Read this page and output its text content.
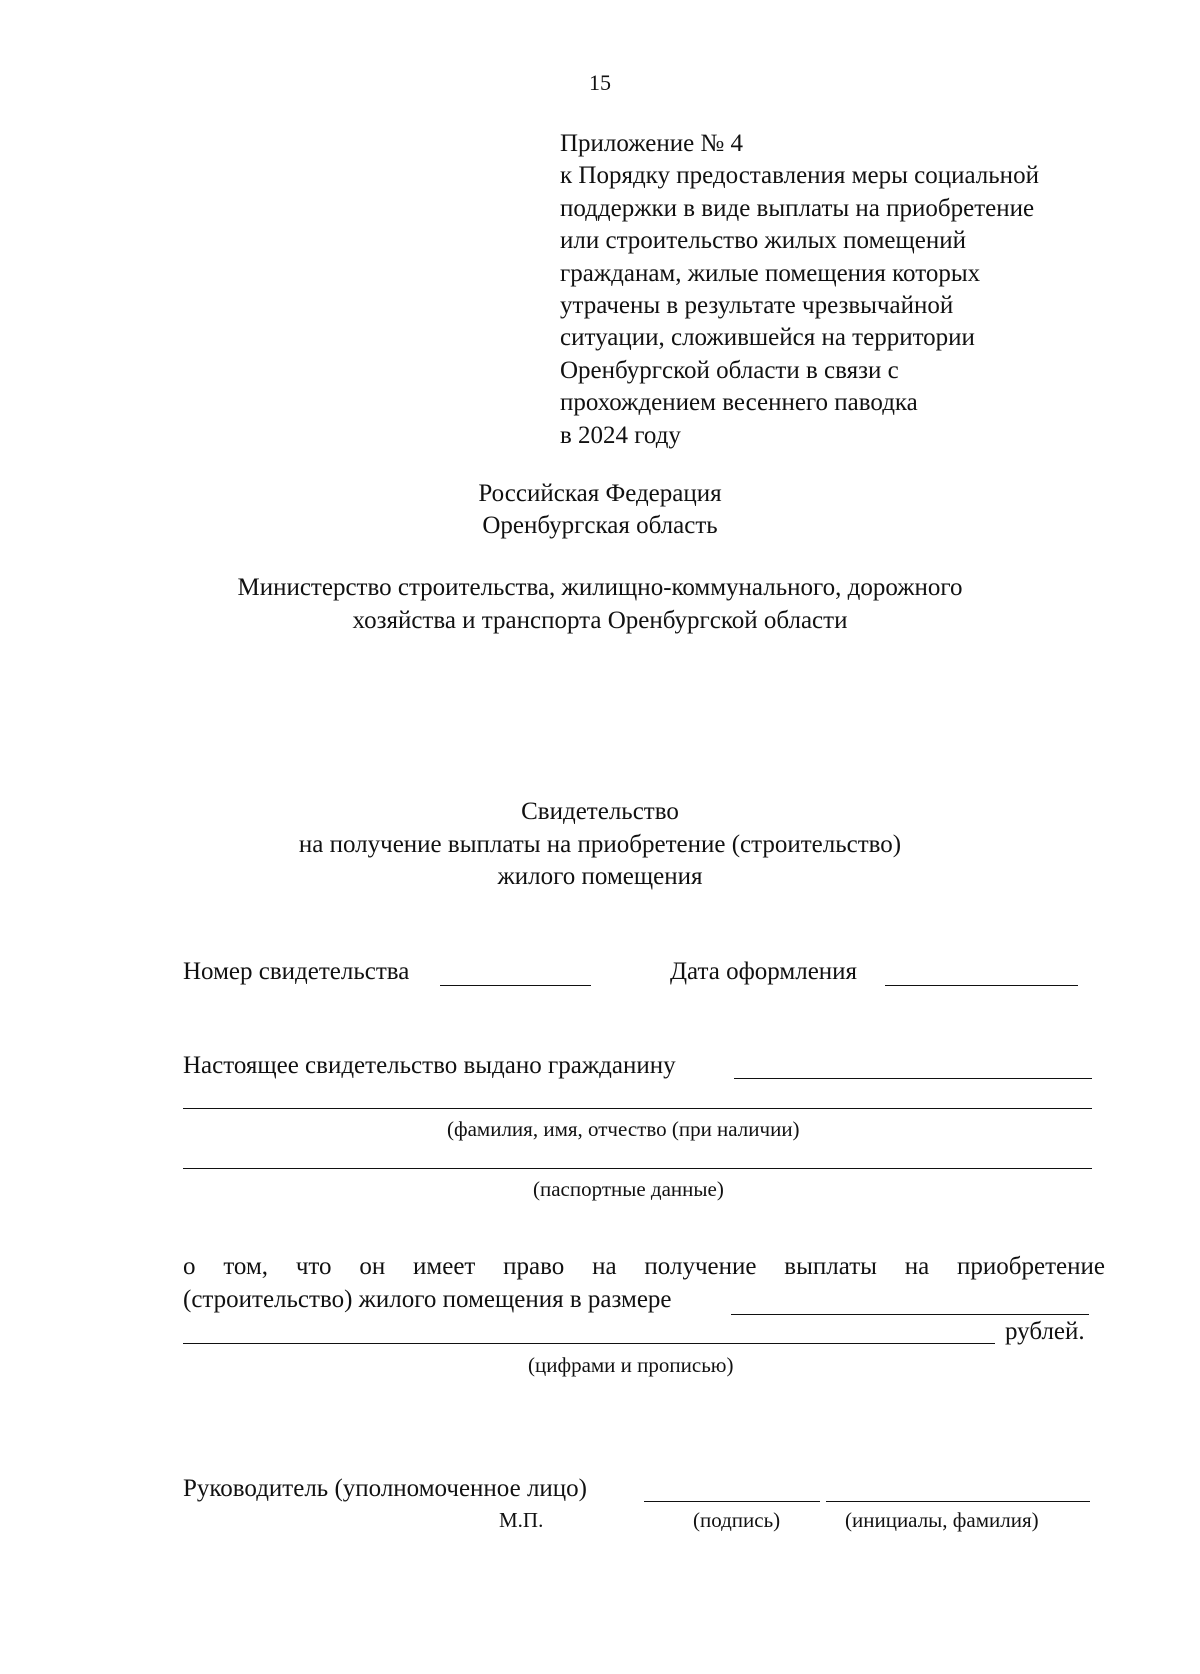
15
Приложение № 4
к Порядку предоставления меры социальной
поддержки в виде выплаты на приобретение
или строительство жилых помещений
гражданам, жилые помещения которых
утрачены в результате чрезвычайной
ситуации, сложившейся на территории
Оренбургской области в связи с
прохождением весеннего паводка
в 2024 году
Российская Федерация
Оренбургская область
Министерство строительства, жилищно-коммунального, дорожного
хозяйства и транспорта Оренбургской области
Свидетельство
на получение выплаты на приобретение (строительство)
жилого помещения
Номер свидетельства	Дата оформления
Настоящее свидетельство выдано гражданину
(фамилия, имя, отчество (при наличии)
(паспортные данные)
о том, что он имеет право на получение выплаты на приобретение
(строительство) жилого помещения в размере
рублей.
(цифрами и прописью)
Руководитель (уполномоченное лицо)
М.П.	(подпись)	(инициалы, фамилия)
